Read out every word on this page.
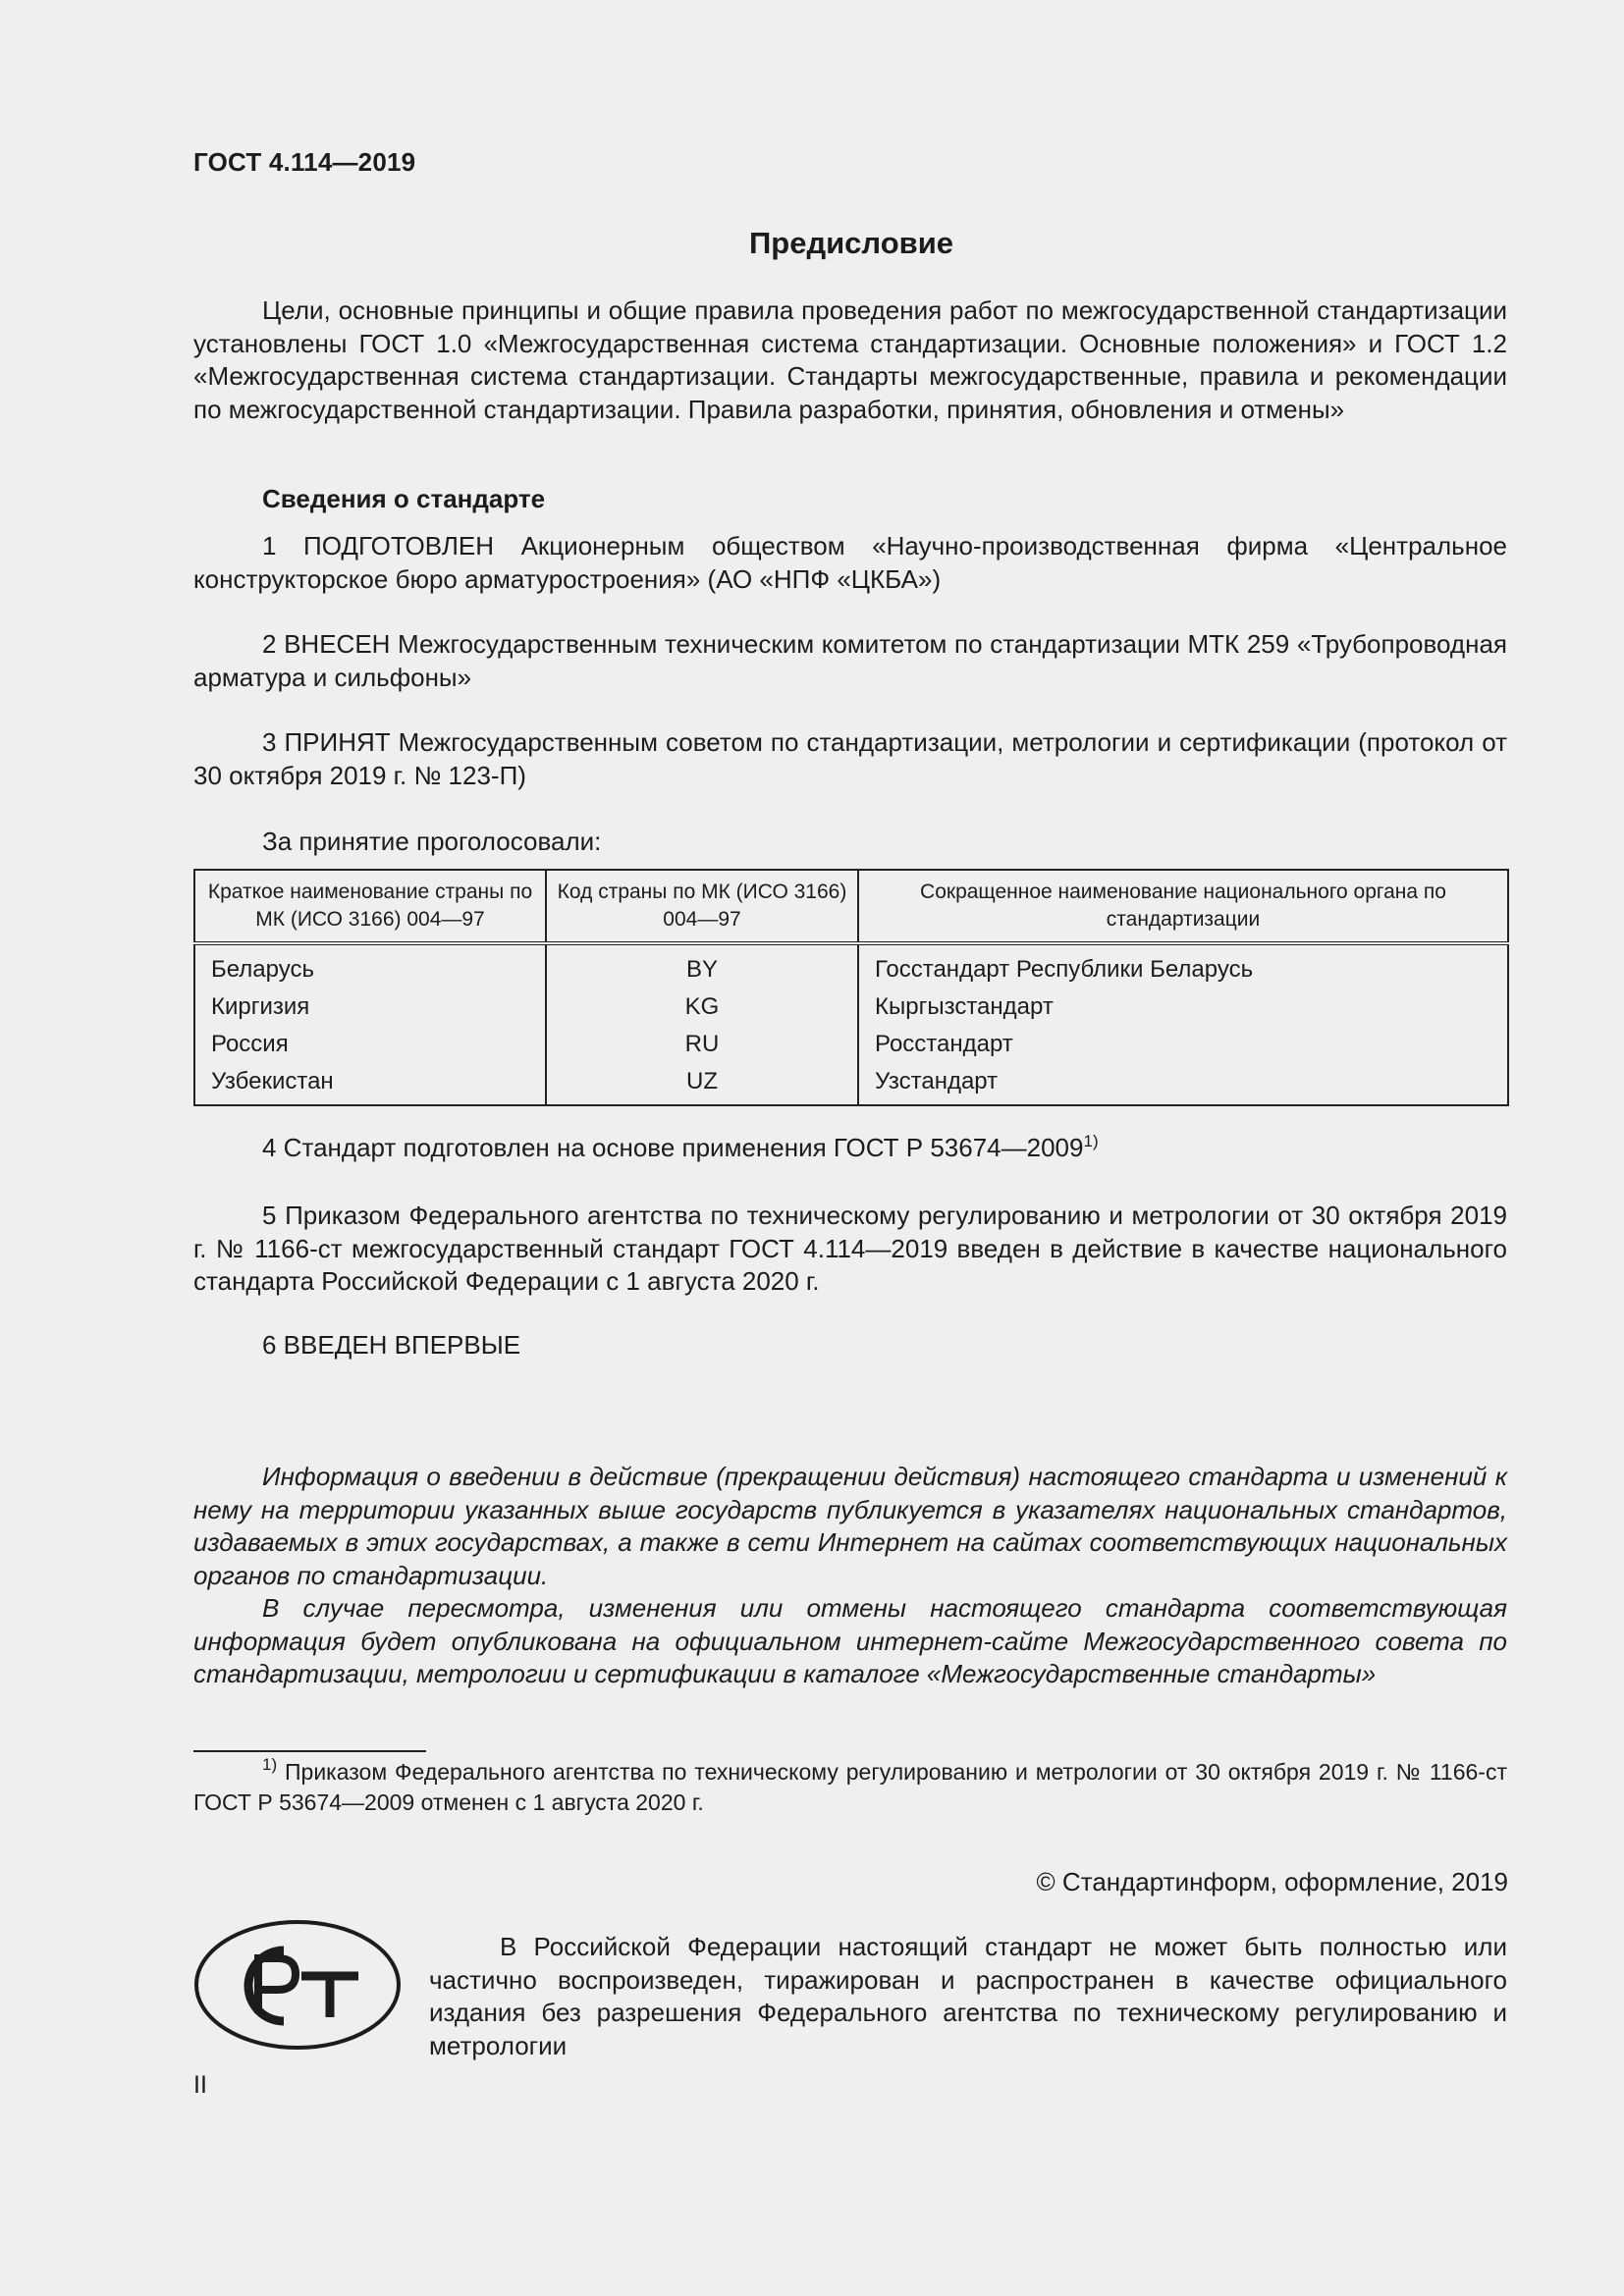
ГОСТ 4.114—2019
Предисловие
Цели, основные принципы и общие правила проведения работ по межгосударственной стандартизации установлены ГОСТ 1.0 «Межгосударственная система стандартизации. Основные положения» и ГОСТ 1.2 «Межгосударственная система стандартизации. Стандарты межгосударственные, правила и рекомендации по межгосударственной стандартизации. Правила разработки, принятия, обновления и отмены»
Сведения о стандарте
1 ПОДГОТОВЛЕН Акционерным обществом «Научно-производственная фирма «Центральное конструкторское бюро арматуростроения» (АО «НПФ «ЦКБА»)
2 ВНЕСЕН Межгосударственным техническим комитетом по стандартизации МТК 259 «Трубопроводная арматура и сильфоны»
3 ПРИНЯТ Межгосударственным советом по стандартизации, метрологии и сертификации (протокол от 30 октября 2019 г. № 123-П)
За принятие проголосовали:
Краткое наименование страны по МК (ИСО 3166) 004—97	Код страны по МК (ИСО 3166) 004—97	Сокращенное наименование национального органа по стандартизации
Беларусь	BY	Госстандарт Республики Беларусь
Киргизия	KG	Кыргызстандарт
Россия	RU	Росстандарт
Узбекистан	UZ	Узстандарт
4 Стандарт подготовлен на основе применения ГОСТ Р 53674—2009$^{1)}$
5 Приказом Федерального агентства по техническому регулированию и метрологии от 30 октября 2019 г. № 1166-ст межгосударственный стандарт ГОСТ 4.114—2019 введен в действие в качестве национального стандарта Российской Федерации с 1 августа 2020 г.
6 ВВЕДЕН ВПЕРВЫЕ
Информация о введении в действие (прекращении действия) настоящего стандарта и изменений к нему на территории указанных выше государств публикуется в указателях национальных стандартов, издаваемых в этих государствах, а также в сети Интернет на сайтах соответствующих национальных органов по стандартизации.
В случае пересмотра, изменения или отмены настоящего стандарта соответствующая информация будет опубликована на официальном интернет-сайте Межгосударственного совета по стандартизации, метрологии и сертификации в каталоге «Межгосударственные стандарты»
$^{1)}$ Приказом Федерального агентства по техническому регулированию и метрологии от 30 октября 2019 г. № 1166-ст ГОСТ Р 53674—2009 отменен с 1 августа 2020 г.
© Стандартинформ, оформление, 2019
РСТ
В Российской Федерации настоящий стандарт не может быть полностью или частично воспроизведен, тиражирован и распространен в качестве официального издания без разрешения Федерального агентства по техническому регулированию и метрологии
II
